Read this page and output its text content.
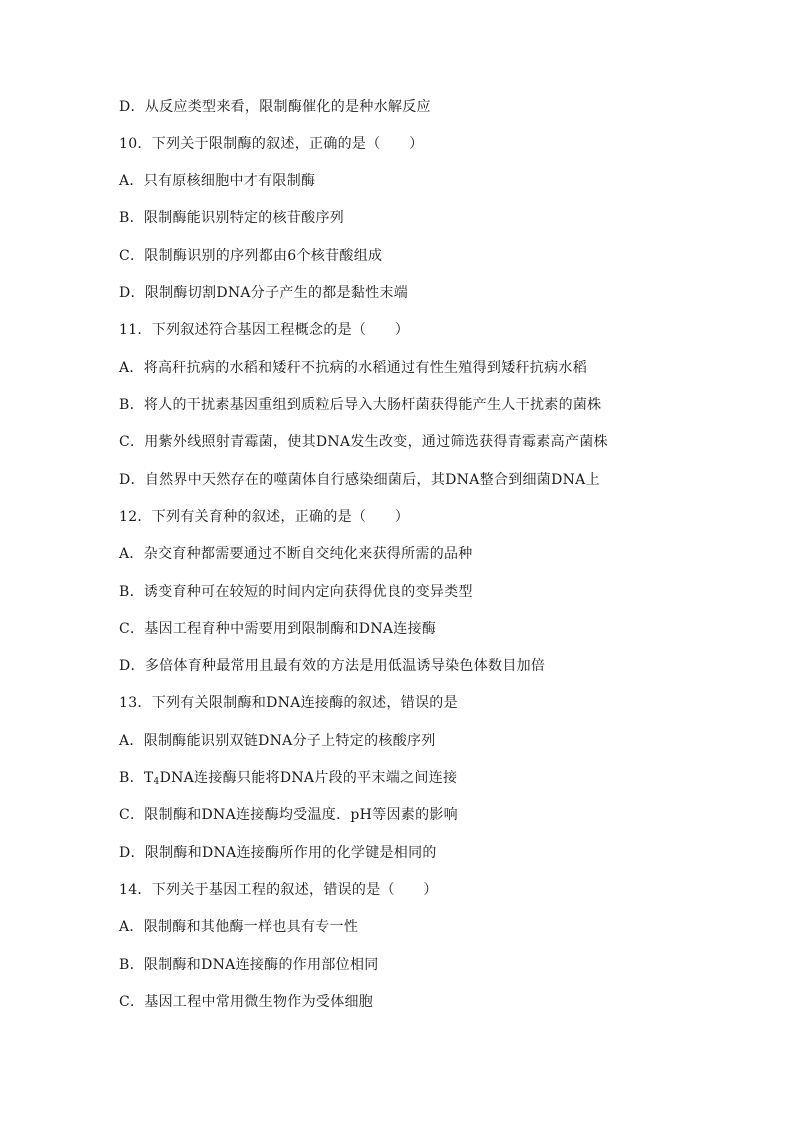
D．从反应类型来看，限制酶催化的是种水解反应
10．下列关于限制酶的叙述，正确的是（　　）
A．只有原核细胞中才有限制酶
B．限制酶能识别特定的核苷酸序列
C．限制酶识别的序列都由6个核苷酸组成
D．限制酶切割DNA分子产生的都是黏性末端
11．下列叙述符合基因工程概念的是（　　）
A．将高秆抗病的水稻和矮秆不抗病的水稻通过有性生殖得到矮秆抗病水稻
B．将人的干扰素基因重组到质粒后导入大肠杆菌获得能产生人干扰素的菌株
C．用紫外线照射青霉菌，使其DNA发生改变，通过筛选获得青霉素高产菌株
D．自然界中天然存在的噬菌体自行感染细菌后，其DNA整合到细菌DNA上
12．下列有关育种的叙述，正确的是（　　）
A．杂交育种都需要通过不断自交纯化来获得所需的品种
B．诱变育种可在较短的时间内定向获得优良的变异类型
C．基因工程育种中需要用到限制酶和DNA连接酶
D．多倍体育种最常用且最有效的方法是用低温诱导染色体数目加倍
13．下列有关限制酶和DNA连接酶的叙述，错误的是
A．限制酶能识别双链DNA分子上特定的核酸序列
B．$T_4DNA$连接酶只能将DNA片段的平末端之间连接
C．限制酶和DNA连接酶均受温度．pH等因素的影响
D．限制酶和DNA连接酶所作用的化学键是相同的
14．下列关于基因工程的叙述，错误的是（　　）
A．限制酶和其他酶一样也具有专一性
B．限制酶和DNA连接酶的作用部位相同
C．基因工程中常用微生物作为受体细胞
